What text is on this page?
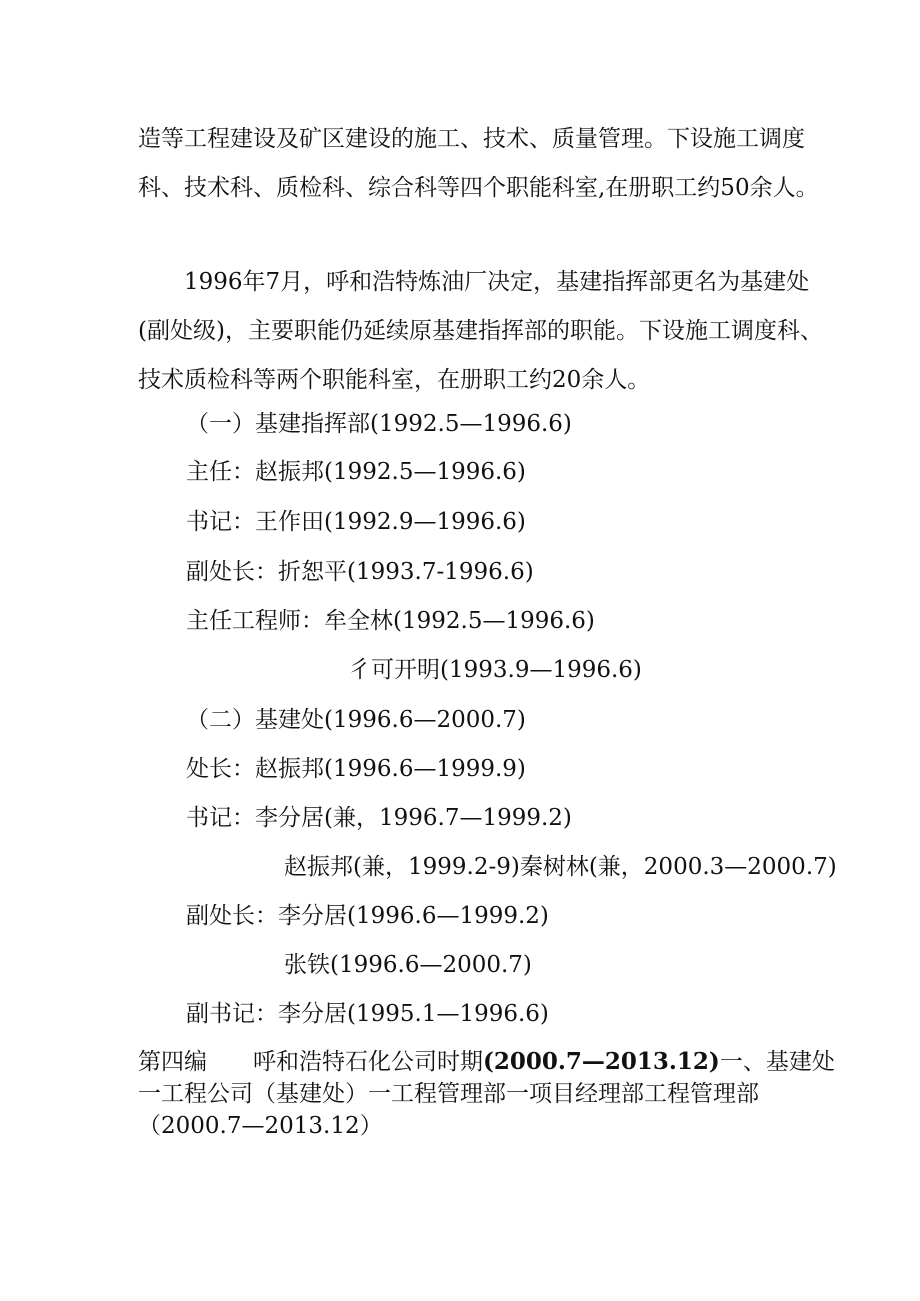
造等工程建设及矿区建设的施工、技术、质量管理。下设施工调度科、技术科、质检科、综合科等四个职能科室,在册职工约50余人。

1996年7月，呼和浩特炼油厂决定，基建指挥部更名为基建处(副处级)，主要职能仍延续原基建指挥部的职能。下设施工调度科、技术质检科等两个职能科室，在册职工约20余人。

（一）基建指挥部(1992.5—1996.6)
主任：赵振邦(1992.5—1996.6)
书记：王作田(1992.9—1996.6)
副处长：折恕平(1993.7-1996.6)
主任工程师：牟全林(1992.5—1996.6)
彳可开明(1993.9—1996.6)
（二）基建处(1996.6—2000.7)
处长：赵振邦(1996.6—1999.9)
书记：李分居(兼，1996.7—1999.2)
赵振邦(兼，1999.2-9)秦树林(兼，2000.3—2000.7)
副处长：李分居(1996.6—1999.2)
张铁(1996.6—2000.7)
副书记：李分居(1995.1—1996.6)

第四编 呼和浩特石化公司时期(2000.7—2013.12)一、基建处一工程公司（基建处）一工程管理部一项目经理部工程管理部（2000.7—2013.12）
